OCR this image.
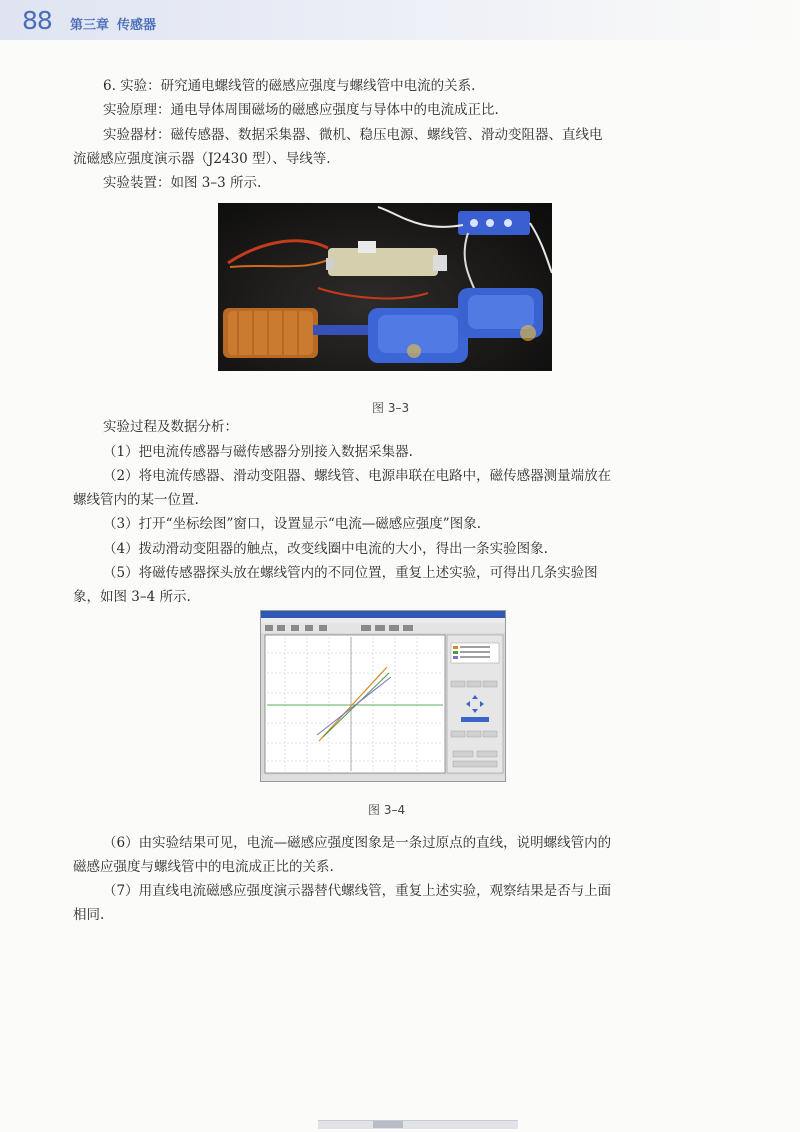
88 第三章 传感器
6. 实验：研究通电螺线管的磁感应强度与螺线管中电流的关系.
实验原理：通电导体周围磁场的磁感应强度与导体中的电流成正比.
实验器材：磁传感器、数据采集器、微机、稳压电源、螺线管、滑动变阻器、直线电
流磁感应强度演示器（J2430 型）、导线等.
实验装置：如图 3–3 所示.
图 3–3
实验过程及数据分析：
（1）把电流传感器与磁传感器分别接入数据采集器.
（2）将电流传感器、滑动变阻器、螺线管、电源串联在电路中，磁传感器测量端放在
螺线管内的某一位置.
（3）打开“坐标绘图”窗口，设置显示“电流—磁感应强度”图象.
（4）拨动滑动变阻器的触点，改变线圈中电流的大小，得出一条实验图象.
（5）将磁传感器探头放在螺线管内的不同位置，重复上述实验，可得出几条实验图
象，如图 3–4 所示.
图 3–4
（6）由实验结果可见，电流—磁感应强度图象是一条过原点的直线，说明螺线管内的
磁感应强度与螺线管中的电流成正比的关系.
（7）用直线电流磁感应强度演示器替代螺线管，重复上述实验，观察结果是否与上面
相同.
